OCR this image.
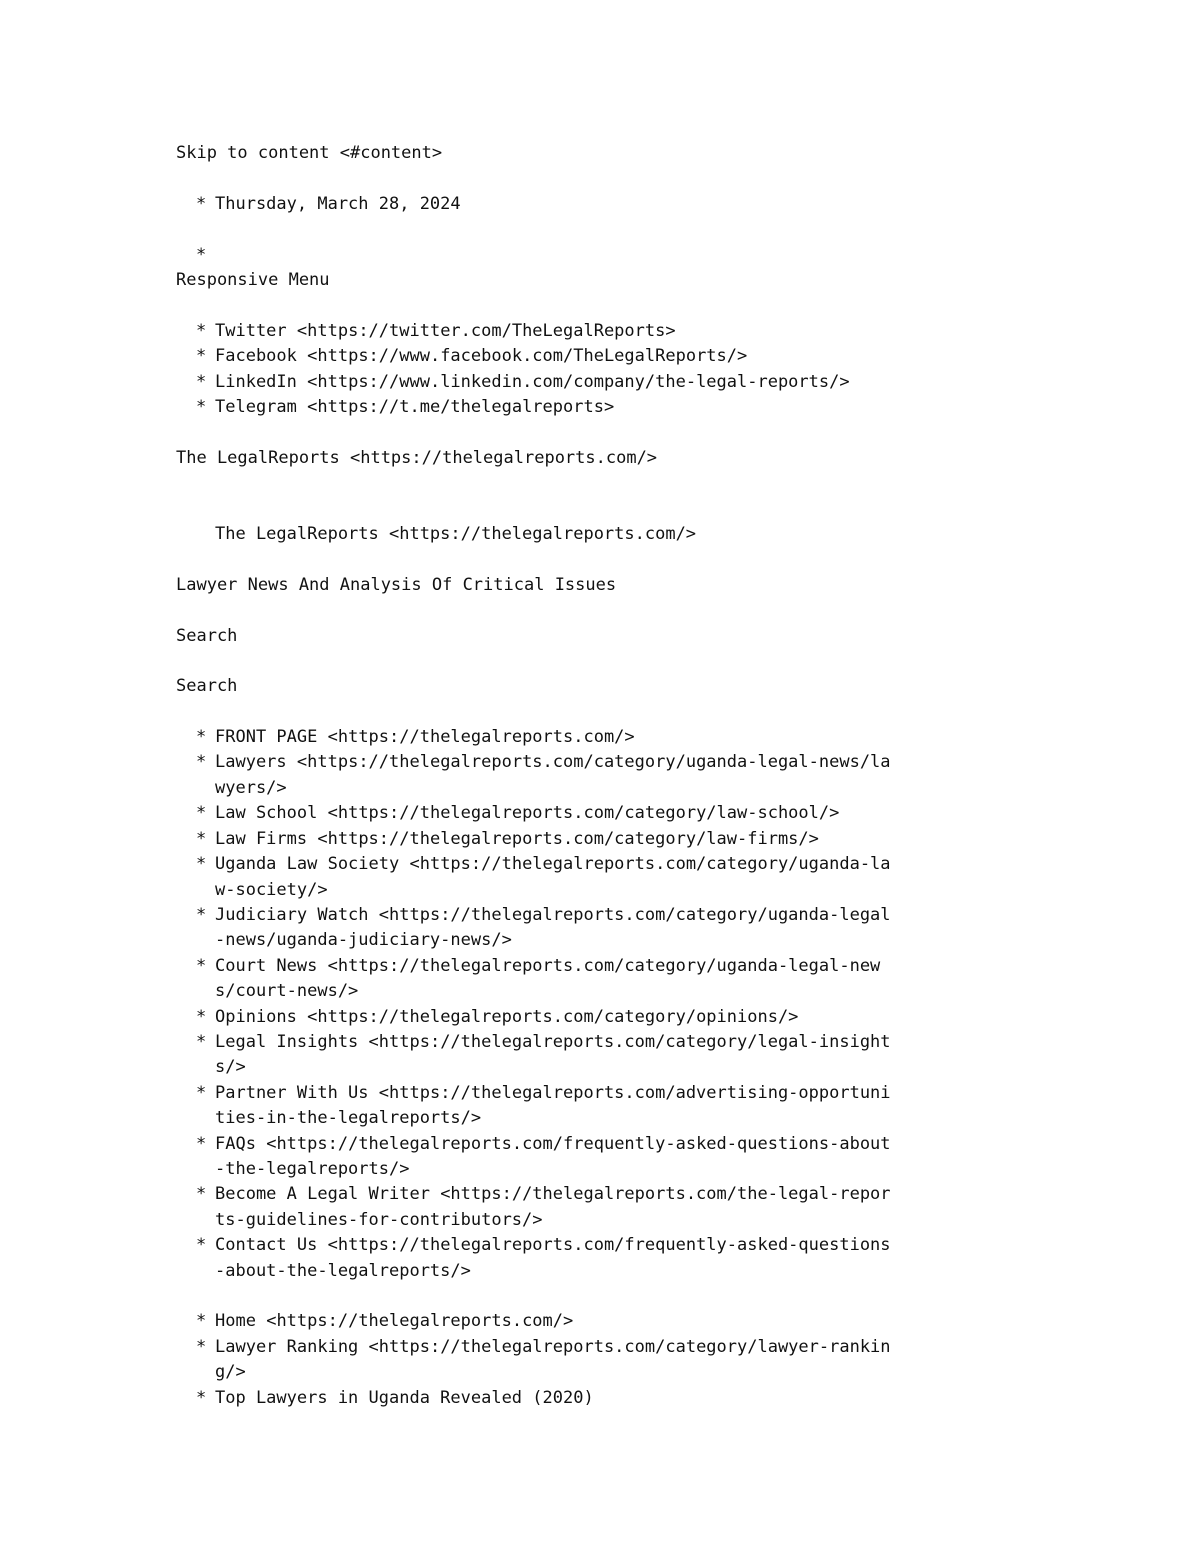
Skip to content <#content>
* Thursday, March 28, 2024
*
Responsive Menu
* Twitter <https://twitter.com/TheLegalReports>
* Facebook <https://www.facebook.com/TheLegalReports/>
* LinkedIn <https://www.linkedin.com/company/the-legal-reports/>
* Telegram <https://t.me/thelegalreports>
The LegalReports <https://thelegalreports.com/>
The LegalReports <https://thelegalreports.com/>
Lawyer News And Analysis Of Critical Issues
Search
Search
* FRONT PAGE <https://thelegalreports.com/>
* Lawyers <https://thelegalreports.com/category/uganda-legal-news/lawyers/>
* Law School <https://thelegalreports.com/category/law-school/>
* Law Firms <https://thelegalreports.com/category/law-firms/>
* Uganda Law Society <https://thelegalreports.com/category/uganda-law-society/>
* Judiciary Watch <https://thelegalreports.com/category/uganda-legal-news/uganda-judiciary-news/>
* Court News <https://thelegalreports.com/category/uganda-legal-news/court-news/>
* Opinions <https://thelegalreports.com/category/opinions/>
* Legal Insights <https://thelegalreports.com/category/legal-insights/>
* Partner With Us <https://thelegalreports.com/advertising-opportunities-in-the-legalreports/>
* FAQs <https://thelegalreports.com/frequently-asked-questions-about-the-legalreports/>
* Become A Legal Writer <https://thelegalreports.com/the-legal-reports-guidelines-for-contributors/>
* Contact Us <https://thelegalreports.com/frequently-asked-questions-about-the-legalreports/>
* Home <https://thelegalreports.com/>
* Lawyer Ranking <https://thelegalreports.com/category/lawyer-ranking/>
* Top Lawyers in Uganda Revealed (2020)
